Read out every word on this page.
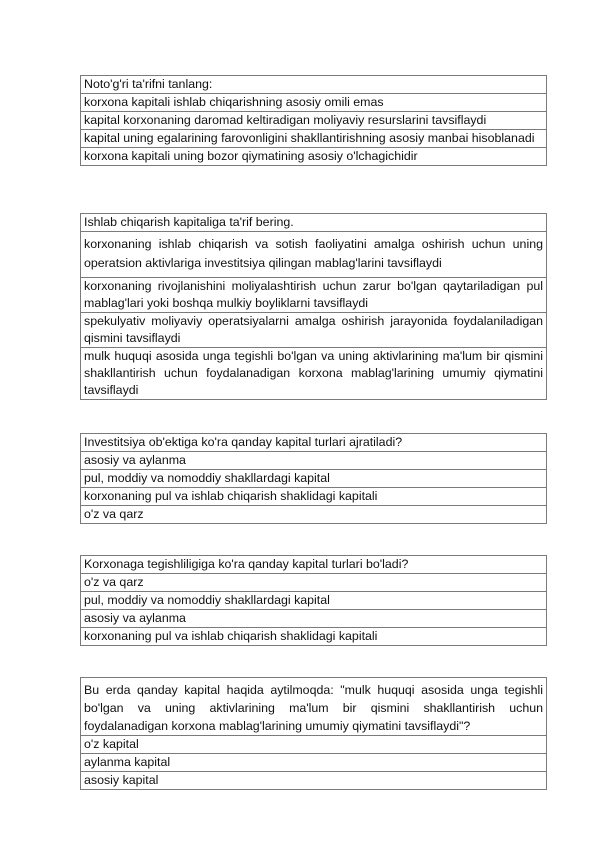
Noto'g'ri ta'rifni tanlang:
korxona kapitali ishlab chiqarishning asosiy omili emas
kapital korxonaning daromad keltiradigan moliyaviy resurslarini tavsiflaydi
kapital uning egalarining farovonligini shakllantirishning asosiy manbai hisoblanadi
korxona kapitali uning bozor qiymatining asosiy o'lchagichidir
Ishlab chiqarish kapitaliga ta'rif bering.
korxonaning ishlab chiqarish va sotish faoliyatini amalga oshirish uchun uning operatsion aktivlariga investitsiya qilingan mablag'larini tavsiflaydi
korxonaning rivojlanishini moliyalashtirish uchun zarur bo'lgan qaytariladigan pul mablag'lari yoki boshqa mulkiy boyliklarni tavsiflaydi
spekulyativ moliyaviy operatsiyalarni amalga oshirish jarayonida foydalaniladigan qismini tavsiflaydi
mulk huquqi asosida unga tegishli bo'lgan va uning aktivlarining ma'lum bir qismini shakllantirish uchun foydalanadigan korxona mablag'larining umumiy qiymatini tavsiflaydi
Investitsiya ob'ektiga ko'ra qanday kapital turlari ajratiladi?
asosiy va aylanma
pul, moddiy va nomoddiy shakllardagi kapital
korxonaning pul va ishlab chiqarish shaklidagi kapitali
o'z va qarz
Korxonaga tegishliligiga ko'ra qanday kapital turlari bo'ladi?
o'z va qarz
pul, moddiy va nomoddiy shakllardagi kapital
asosiy va aylanma
korxonaning pul va ishlab chiqarish shaklidagi kapitali
Bu erda qanday kapital haqida aytilmoqda: "mulk huquqi asosida unga tegishli bo'lgan va uning aktivlarining ma'lum bir qismini shakllantirish uchun foydalanadigan korxona mablag'larining umumiy qiymatini tavsiflaydi"?
o'z kapital
aylanma kapital
asosiy kapital
